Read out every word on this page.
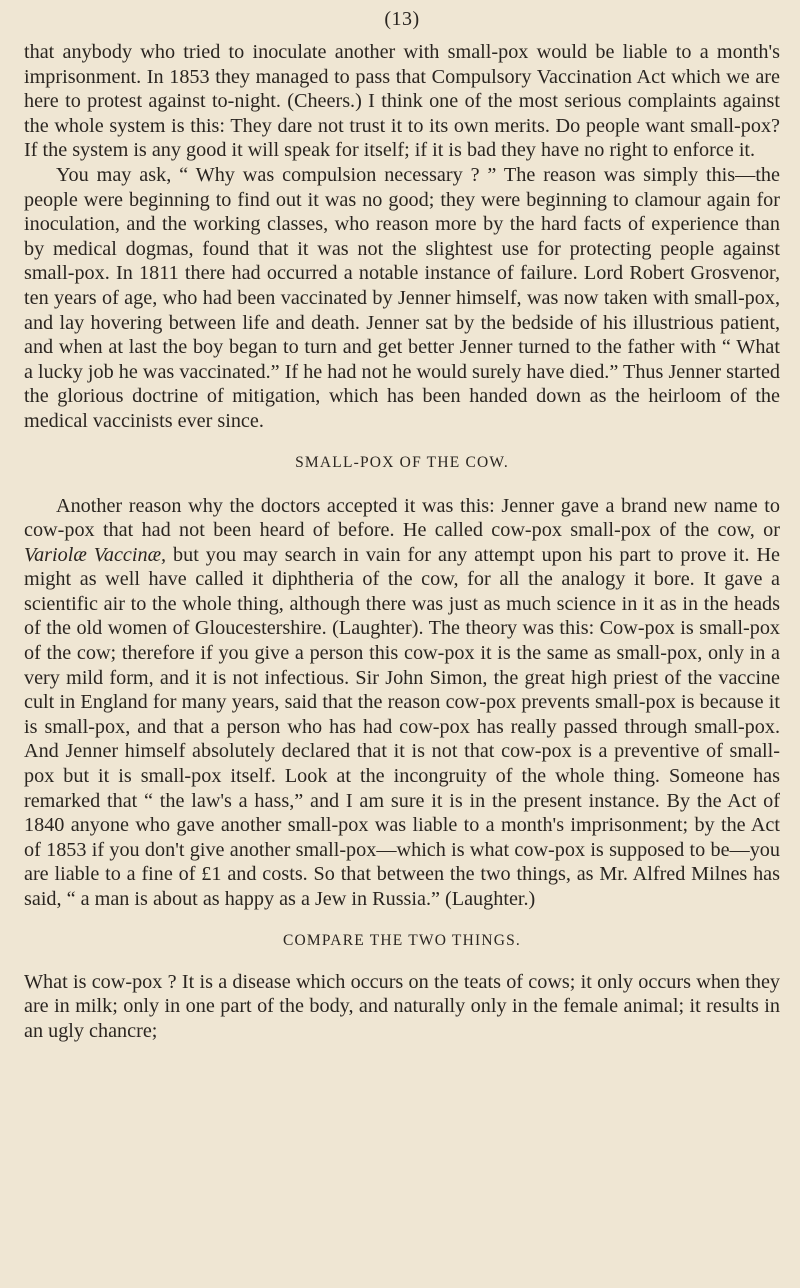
(13)

that anybody who tried to inoculate another with small-pox would be liable to a month's imprisonment. In 1853 they managed to pass that Compulsory Vaccination Act which we are here to protest against to-night. (Cheers.) I think one of the most serious complaints against the whole system is this: They dare not trust it to its own merits. Do people want small-pox? If the system is any good it will speak for itself; if it is bad they have no right to enforce it.

You may ask, “ Why was compulsion necessary ? ” The reason was simply this—the people were beginning to find out it was no good; they were beginning to clamour again for inoculation, and the working classes, who reason more by the hard facts of experience than by medical dogmas, found that it was not the slightest use for protecting people against small-pox. In 1811 there had occurred a notable instance of failure. Lord Robert Grosvenor, ten years of age, who had been vaccinated by Jenner himself, was now taken with small-pox, and lay hovering between life and death. Jenner sat by the bedside of his illustrious patient, and when at last the boy began to turn and get better Jenner turned to the father with “ What a lucky job he was vaccinated.” If he had not he would surely have died.” Thus Jenner started the glorious doctrine of mitigation, which has been handed down as the heirloom of the medical vaccinists ever since.

SMALL-POX OF THE COW.

Another reason why the doctors accepted it was this: Jenner gave a brand new name to cow-pox that had not been heard of before. He called cow-pox small-pox of the cow, or Variolæ Vaccinæ, but you may search in vain for any attempt upon his part to prove it. He might as well have called it diphtheria of the cow, for all the analogy it bore. It gave a scientific air to the whole thing, although there was just as much science in it as in the heads of the old women of Gloucestershire. (Laughter). The theory was this: Cow-pox is small-pox of the cow; therefore if you give a person this cow-pox it is the same as small-pox, only in a very mild form, and it is not infectious. Sir John Simon, the great high priest of the vaccine cult in England for many years, said that the reason cow-pox prevents small-pox is because it is small-pox, and that a person who has had cow-pox has really passed through small-pox. And Jenner himself absolutely declared that it is not that cow-pox is a preventive of small-pox but it is small-pox itself. Look at the incongruity of the whole thing. Someone has remarked that “ the law's a hass,” and I am sure it is in the present instance. By the Act of 1840 anyone who gave another small-pox was liable to a month's imprisonment; by the Act of 1853 if you don't give another small-pox—which is what cow-pox is supposed to be—you are liable to a fine of £1 and costs. So that between the two things, as Mr. Alfred Milnes has said, “ a man is about as happy as a Jew in Russia.” (Laughter.)

COMPARE THE TWO THINGS.

What is cow-pox ? It is a disease which occurs on the teats of cows; it only occurs when they are in milk; only in one part of the body, and naturally only in the female animal; it results in an ugly chancre;
